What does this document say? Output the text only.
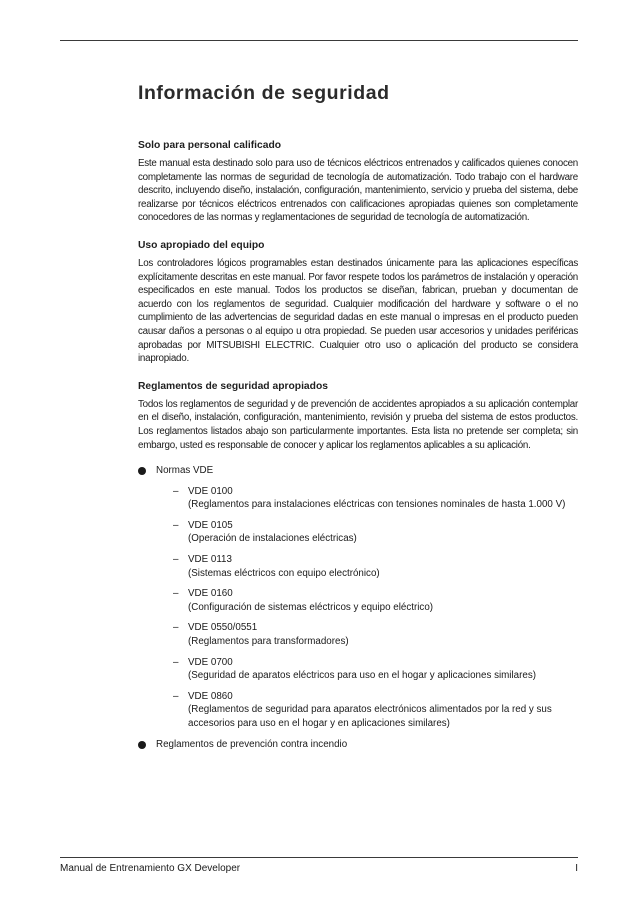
Información de seguridad
Solo para personal calificado

Este manual esta destinado solo para uso de técnicos eléctricos entrenados y calificados quienes conocen completamente las normas de seguridad de tecnología de automatización. Todo trabajo con el hardware descrito, incluyendo diseño, instalación, configuración, mantenimiento, servicio y prueba del sistema, debe realizarse por técnicos eléctricos entrenados con calificaciones apropiadas quienes son completamente conocedores de las normas y reglamentaciones de seguridad de tecnología de automatización.

Uso apropiado del equipo

Los controladores lógicos programables estan destinados únicamente para las aplicaciones específicas explícitamente descritas en este manual. Por favor respete todos los parámetros de instalación y operación especificados en este manual. Todos los productos se diseñan, fabrican, prueban y documentan de acuerdo con los reglamentos de seguridad. Cualquier modificación del hardware y software o el no cumplimiento de las advertencias de seguridad dadas en este manual o impresas en el producto pueden causar daños a personas o al equipo u otra propiedad. Se pueden usar accesorios y unidades periféricas aprobadas por MITSUBISHI ELECTRIC. Cualquier otro uso o aplicación del producto se considera inapropiado.

Reglamentos de seguridad apropiados

Todos los reglamentos de seguridad y de prevención de accidentes apropiados a su aplicación contemplar en el diseño, instalación, configuración, mantenimiento, revisión y prueba del sistema de estos productos. Los reglamentos listados abajo son particularmente importantes. Esta lista no pretende ser completa; sin embargo, usted es responsable de conocer y aplicar los reglamentos aplicables a su aplicación.

Normas VDE
– VDE 0100
(Reglamentos para instalaciones eléctricas con tensiones nominales de hasta 1.000 V)
– VDE 0105
(Operación de instalaciones eléctricas)
– VDE 0113
(Sistemas eléctricos con equipo electrónico)
– VDE 0160
(Configuración de sistemas eléctricos y equipo eléctrico)
– VDE 0550/0551
(Reglamentos para transformadores)
– VDE 0700
(Seguridad de aparatos eléctricos para uso en el hogar y aplicaciones similares)
– VDE 0860
(Reglamentos de seguridad para aparatos electrónicos alimentados por la red y sus accesorios para uso en el hogar y en aplicaciones similares)
Reglamentos de prevención contra incendio
Manual de Entrenamiento GX Developer	I
